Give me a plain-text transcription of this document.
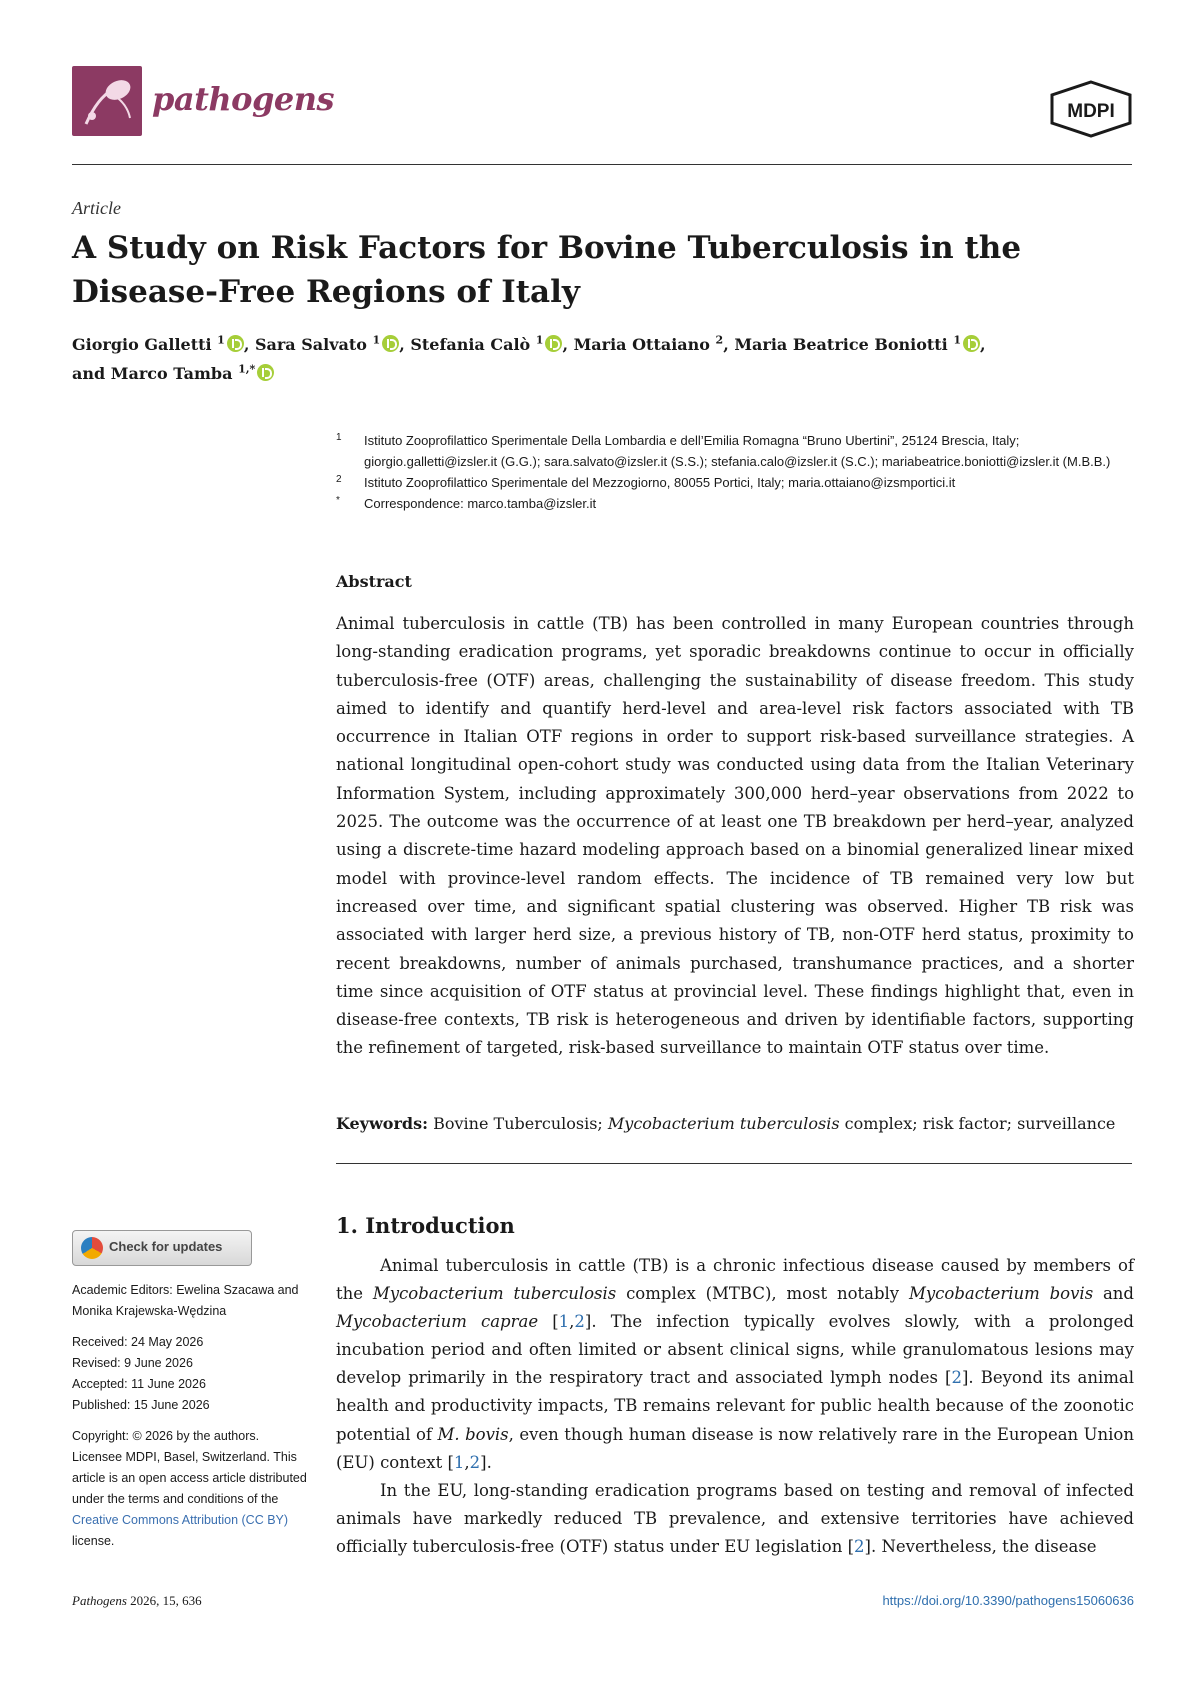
pathogens	MDPI
Article
A Study on Risk Factors for Bovine Tuberculosis in the Disease-Free Regions of Italy
Giorgio Galletti $^1$ , Sara Salvato $^1$ , Stefania Calò $^1$ , Maria Ottaiano $^2$, Maria Beatrice Boniotti $^1$ ,
and Marco Tamba $^{1,*}$
1 Istituto Zooprofilattico Sperimentale Della Lombardia e dell’Emilia Romagna “Bruno Ubertini”, 25124 Brescia, Italy; giorgio.galletti@izsler.it (G.G.); sara.salvato@izsler.it (S.S.); stefania.calo@izsler.it (S.C.); mariabeatrice.boniotti@izsler.it (M.B.B.)
2 Istituto Zooprofilattico Sperimentale del Mezzogiorno, 80055 Portici, Italy; maria.ottaiano@izsmportici.it
* Correspondence: marco.tamba@izsler.it
Abstract
Animal tuberculosis in cattle (TB) has been controlled in many European countries through long-standing eradication programs, yet sporadic breakdowns continue to occur in officially tuberculosis-free (OTF) areas, challenging the sustainability of disease freedom. This study aimed to identify and quantify herd-level and area-level risk factors associated with TB occurrence in Italian OTF regions in order to support risk-based surveillance strategies. A national longitudinal open-cohort study was conducted using data from the Italian Veterinary Information System, including approximately 300,000 herd–year observations from 2022 to 2025. The outcome was the occurrence of at least one TB breakdown per herd–year, analyzed using a discrete-time hazard modeling approach based on a binomial generalized linear mixed model with province-level random effects. The incidence of TB remained very low but increased over time, and significant spatial clustering was observed. Higher TB risk was associated with larger herd size, a previous history of TB, non-OTF herd status, proximity to recent breakdowns, number of animals purchased, transhumance practices, and a shorter time since acquisition of OTF status at provincial level. These findings highlight that, even in disease-free contexts, TB risk is heterogeneous and driven by identifiable factors, supporting the refinement of targeted, risk-based surveillance to maintain OTF status over time.
Keywords: Bovine Tuberculosis; Mycobacterium tuberculosis complex; risk factor; surveillance
Check for updates
Academic Editors: Ewelina Szacawa and Monika Krajewska-Wędzina
Received: 24 May 2026
Revised: 9 June 2026
Accepted: 11 June 2026
Published: 15 June 2026
Copyright: © 2026 by the authors. Licensee MDPI, Basel, Switzerland. This article is an open access article distributed under the terms and conditions of the Creative Commons Attribution (CC BY) license.
1. Introduction

Animal tuberculosis in cattle (TB) is a chronic infectious disease caused by members of the Mycobacterium tuberculosis complex (MTBC), most notably Mycobacterium bovis and Mycobacterium caprae [1,2]. The infection typically evolves slowly, with a prolonged incubation period and often limited or absent clinical signs, while granulomatous lesions may develop primarily in the respiratory tract and associated lymph nodes [2]. Beyond its animal health and productivity impacts, TB remains relevant for public health because of the zoonotic potential of M. bovis, even though human disease is now relatively rare in the European Union (EU) context [1,2].

In the EU, long-standing eradication programs based on testing and removal of infected animals have markedly reduced TB prevalence, and extensive territories have achieved officially tuberculosis-free (OTF) status under EU legislation [2]. Nevertheless, the disease

Pathogens 2026, 15, 636	https://doi.org/10.3390/pathogens15060636
